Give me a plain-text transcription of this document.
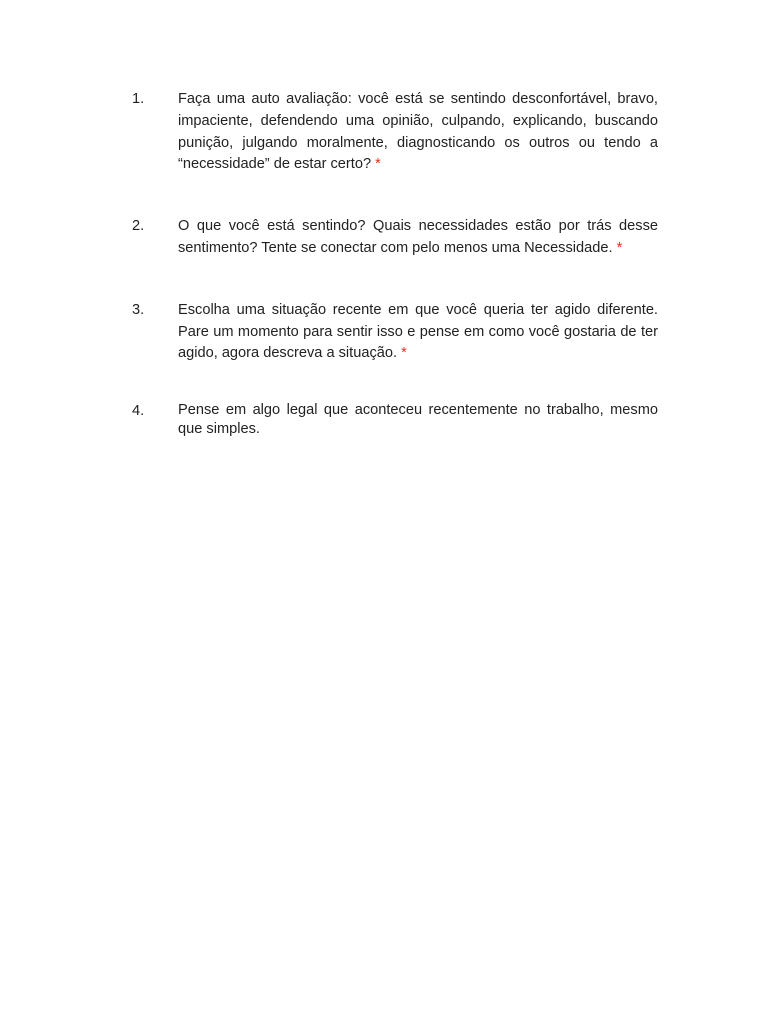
1.	Faça uma auto avaliação: você está se sentindo desconfortável, bravo, impaciente, defendendo uma opinião, culpando, explicando, buscando punição, julgando moralmente, diagnosticando os outros ou tendo a “necessidade” de estar certo? *
2.	O que você está sentindo? Quais necessidades estão por trás desse sentimento? Tente se conectar com pelo menos uma Necessidade. *
3.	Escolha uma situação recente em que você queria ter agido diferente. Pare um momento para sentir isso e pense em como você gostaria de ter agido, agora descreva a situação. *
4.	Pense em algo legal que aconteceu recentemente no trabalho, mesmo que simples.
